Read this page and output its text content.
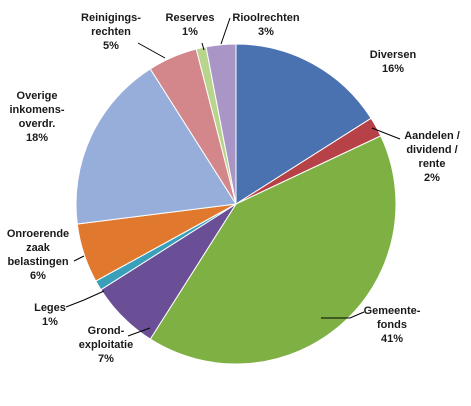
Diversen 16%
Aandelen / dividend / rente 2%
Gemeente-fonds 41%
Grond-exploitatie 7%
Leges 1%
Onroerende zaak belastingen 6%
Overige inkomens-overdr. 18%
Reinigings-rechten 5%
Reserves 1%
Rioolrechten 3%
